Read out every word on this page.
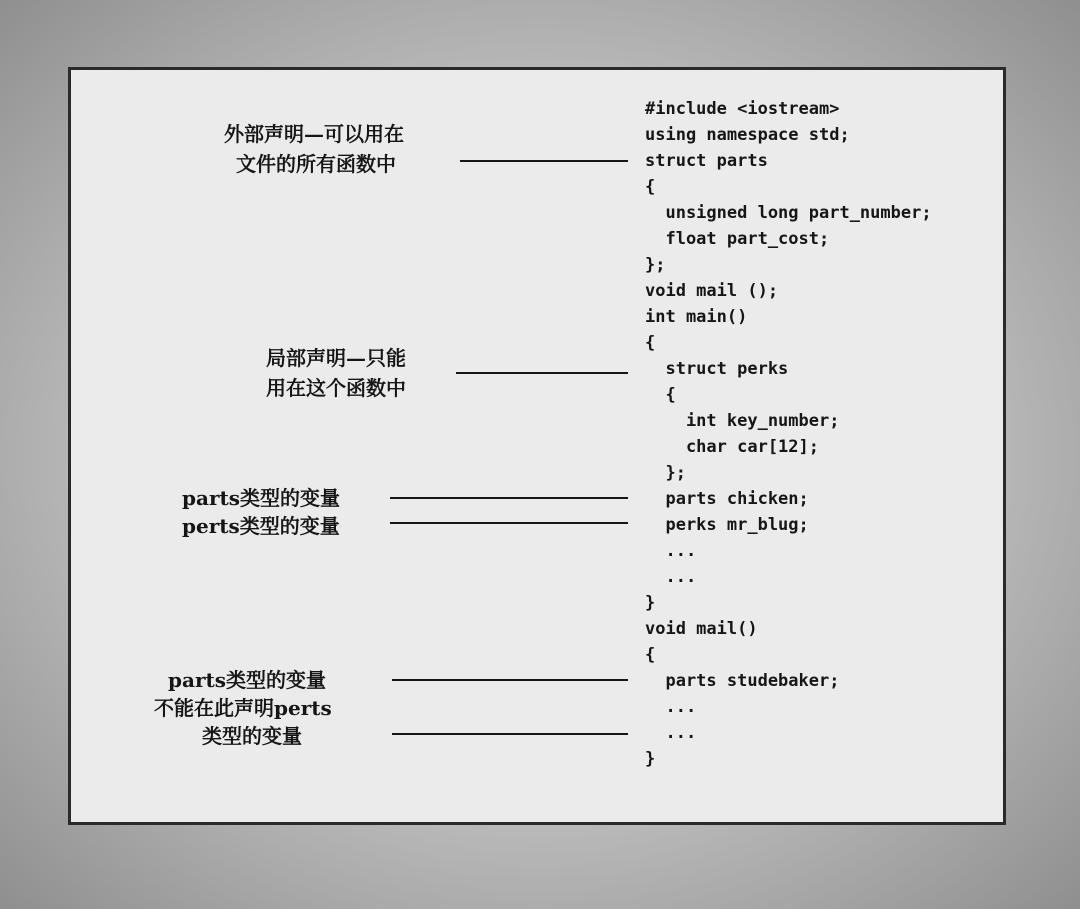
#include <iostream>
using namespace std;
struct parts
{
unsigned long part_number;
float part_cost;
};
void mail ();
int main()
{
struct perks
{
int key_number;
char car[12];
};
parts chicken;
perks mr_blug;
...
...
}
void mail()
{
parts studebaker;
...
...
}
外部声明—可以用在
文件的所有函数中
局部声明—只能
用在这个函数中
parts类型的变量
perts类型的变量
parts类型的变量
不能在此声明perts
类型的变量
